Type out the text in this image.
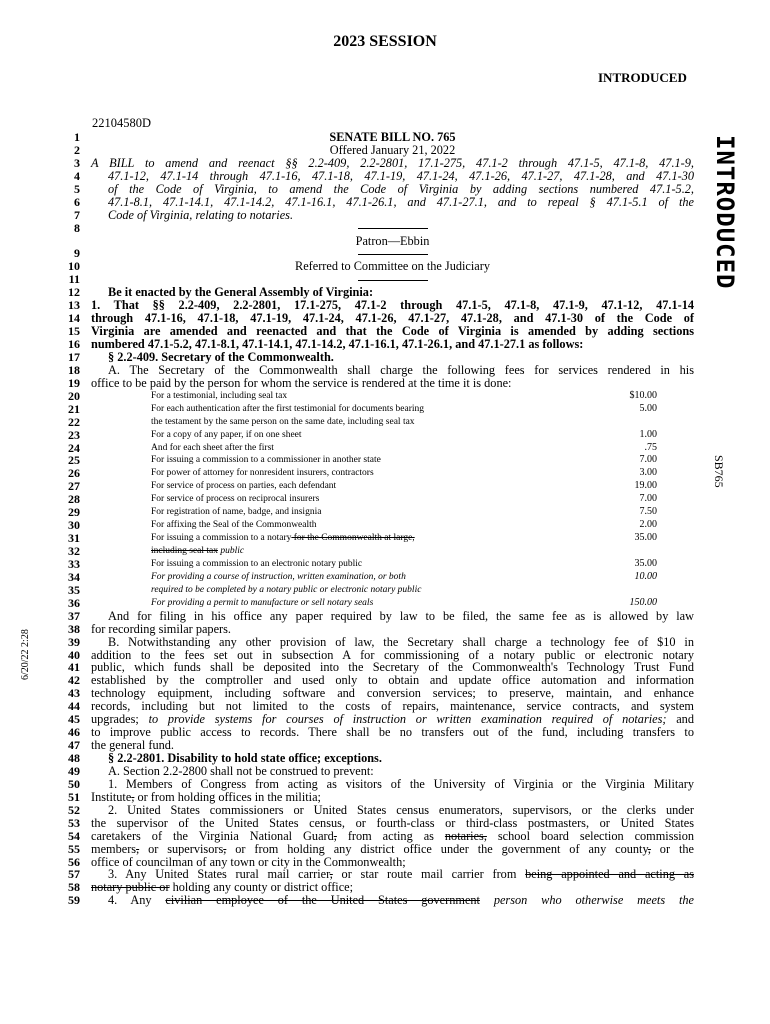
2023 SESSION
INTRODUCED
22104580D
INTRODUCED
SB765
6/20/22 2:28
1	SENATE BILL NO. 765
2	Offered January 21, 2022
3 A BILL to amend and reenact §§ 2.2-409, 2.2-2801, 17.1-275, 47.1-2 through 47.1-5, 47.1-8, 47.1-9,
4	47.1-12, 47.1-14 through 47.1-16, 47.1-18, 47.1-19, 47.1-24, 47.1-26, 47.1-27, 47.1-28, and 47.1-30
5	of the Code of Virginia, to amend the Code of Virginia by adding sections numbered 47.1-5.2,
6	47.1-8.1, 47.1-14.1, 47.1-14.2, 47.1-16.1, 47.1-26.1, and 47.1-27.1, and to repeal § 47.1-5.1 of the
7	Code of Virginia, relating to notaries.
8
Patron—Ebbin
9
10	Referred to Committee on the Judiciary
11
12	Be it enacted by the General Assembly of Virginia:
13 1. That §§ 2.2-409, 2.2-2801, 17.1-275, 47.1-2 through 47.1-5, 47.1-8, 47.1-9, 47.1-12, 47.1-14
14 through 47.1-16, 47.1-18, 47.1-19, 47.1-24, 47.1-26, 47.1-27, 47.1-28, and 47.1-30 of the Code of
15 Virginia are amended and reenacted and that the Code of Virginia is amended by adding sections
16 numbered 47.1-5.2, 47.1-8.1, 47.1-14.1, 47.1-14.2, 47.1-16.1, 47.1-26.1, and 47.1-27.1 as follows:
17	§ 2.2-409. Secretary of the Commonwealth.
18	A. The Secretary of the Commonwealth shall charge the following fees for services rendered in his
19 office to be paid by the person for whom the service is rendered at the time it is done:
20	For a testimonial, including seal tax	$10.00
21	For each authentication after the first testimonial for documents bearing	5.00
22	the testament by the same person on the same date, including seal tax
23	For a copy of any paper, if on one sheet	1.00
24	And for each sheet after the first	.75
25	For issuing a commission to a commissioner in another state	7.00
26	For power of attorney for nonresident insurers, contractors	3.00
27	For service of process on parties, each defendant	19.00
28	For service of process on reciprocal insurers	7.00
29	For registration of name, badge, and insignia	7.50
30	For affixing the Seal of the Commonwealth	2.00
31	For issuing a commission to a notary for the Commonwealth at large,	35.00
32	including seal tax public
33	For issuing a commission to an electronic notary public	35.00
34	For providing a course of instruction, written examination, or both	10.00
35	required to be completed by a notary public or electronic notary public
36	For providing a permit to manufacture or sell notary seals	150.00
37	And for filing in his office any paper required by law to be filed, the same fee as is allowed by law
38 for recording similar papers.
39	B. Notwithstanding any other provision of law, the Secretary shall charge a technology fee of $10 in
40 addition to the fees set out in subsection A for commissioning of a notary public or electronic notary
41 public, which funds shall be deposited into the Secretary of the Commonwealth's Technology Trust Fund
42 established by the comptroller and used only to obtain and update office automation and information
43 technology equipment, including software and conversion services; to preserve, maintain, and enhance
44 records, including but not limited to the costs of repairs, maintenance, service contracts, and system
45 upgrades; to provide systems for courses of instruction or written examination required of notaries; and
46 to improve public access to records. There shall be no transfers out of the fund, including transfers to
47 the general fund.
48	§ 2.2-2801. Disability to hold state office; exceptions.
49	A. Section 2.2-2800 shall not be construed to prevent:
50	1. Members of Congress from acting as visitors of the University of Virginia or the Virginia Military
51 Institute, or from holding offices in the militia;
52	2. United States commissioners or United States census enumerators, supervisors, or the clerks under
53 the supervisor of the United States census, or fourth-class or third-class postmasters, or United States
54 caretakers of the Virginia National Guard, from acting as notaries, school board selection commission
55 members, or supervisors, or from holding any district office under the government of any county, or the
56 office of councilman of any town or city in the Commonwealth;
57	3. Any United States rural mail carrier, or star route mail carrier from being appointed and acting as
58 notary public or holding any county or district office;
59	4. Any civilian employee of the United States government person who otherwise meets the
